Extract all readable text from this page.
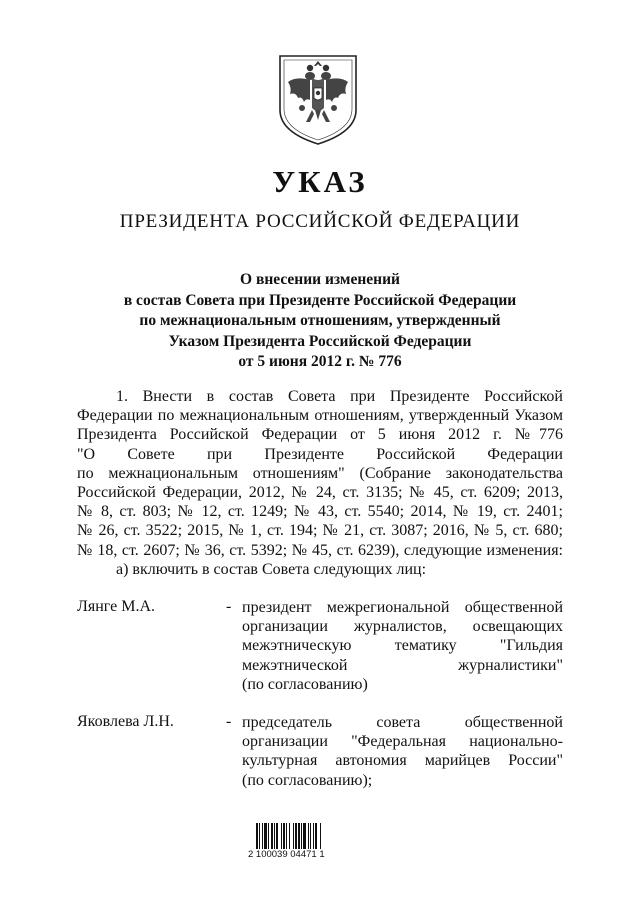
УКАЗ
ПРЕЗИДЕНТА РОССИЙСКОЙ ФЕДЕРАЦИИ
О внесении изменений
в состав Совета при Президенте Российской Федерации
по межнациональным отношениям, утвержденный
Указом Президента Российской Федерации
от 5 июня 2012 г. № 776
1. Внести в состав Совета при Президенте Российской
Федерации по межнациональным отношениям, утвержденный Указом
Президента Российской Федерации от 5 июня 2012 г. №776
"О Совете при Президенте Российской Федерации
по межнациональным отношениям" (Собрание законодательства
Российской Федерации, 2012, № 24, ст. 3135; № 45, ст. 6209; 2013,
№ 8, ст. 803; № 12, ст. 1249; № 43, ст. 5540; 2014, № 19, ст. 2401;
№ 26, ст. 3522; 2015, № 1, ст. 194; № 21, ст. 3087; 2016, № 5, ст. 680;
№ 18, ст. 2607; № 36, ст. 5392; № 45, ст. 6239), следующие изменения:
а) включить в состав Совета следующих лиц:
Лянге М.А.	- президент межрегиональной общественной
организации журналистов, освещающих
межэтническую тематику "Гильдия
межэтнической журналистики"
(по согласованию)
Яковлева Л.Н.	- председатель совета общественной
организации "Федеральная национально-
культурная автономия марийцев России"
(по согласованию);
2 100039 04471 1
